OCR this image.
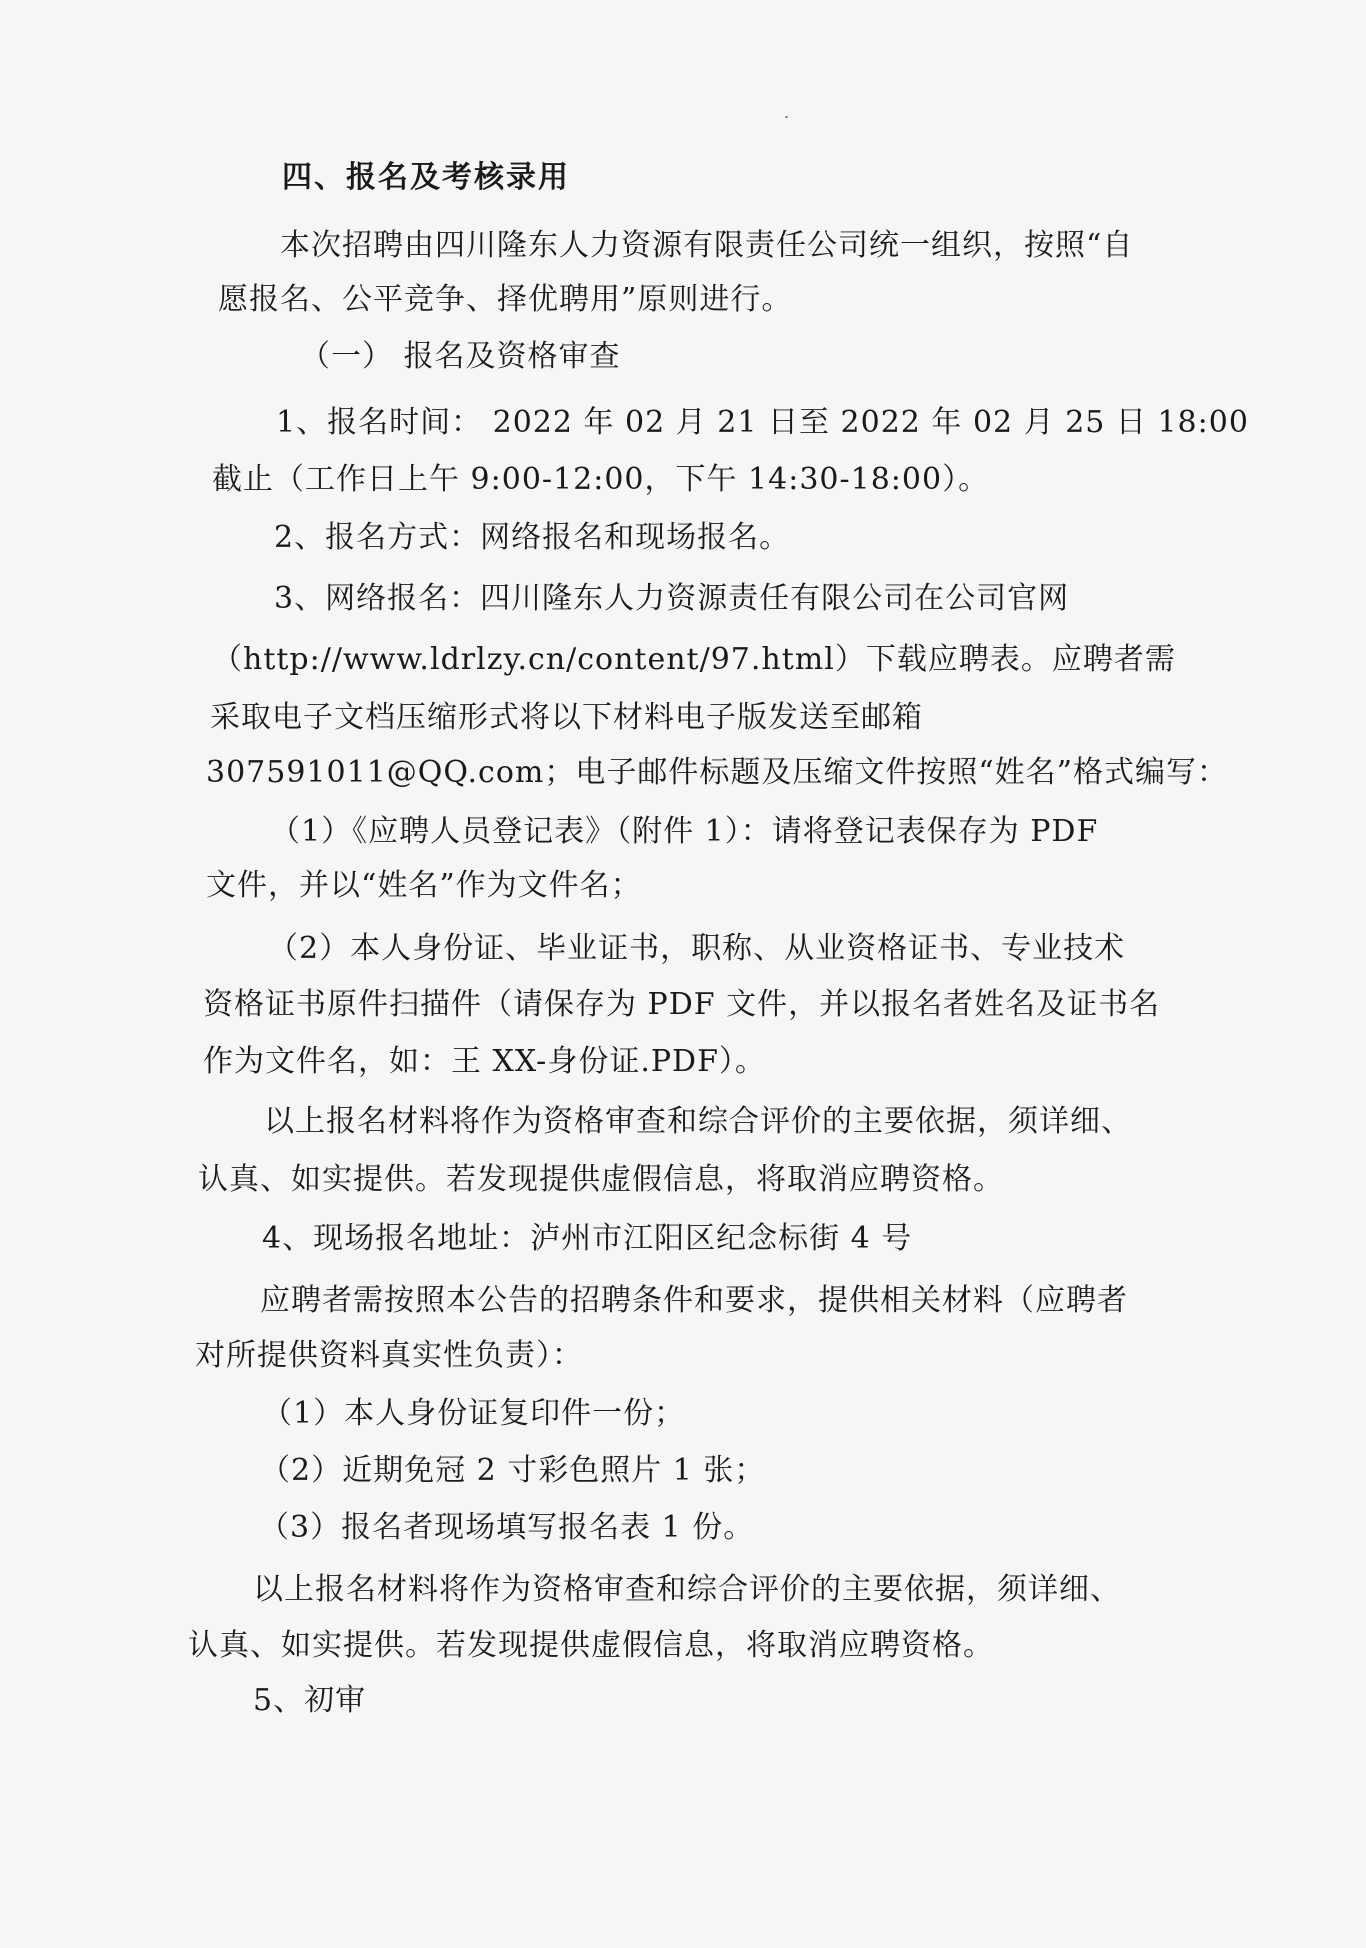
四、报名及考核录用
本次招聘由四川隆东人力资源有限责任公司统一组织，按照“自
愿报名、公平竞争、择优聘用”原则进行。
（一） 报名及资格审查
1、报名时间： 2022 年 02 月 21 日至 2022 年 02 月 25 日 18:00
截止（工作日上午 9:00-12:00，下午 14:30-18:00）。
2、报名方式：网络报名和现场报名。
3、网络报名：四川隆东人力资源责任有限公司在公司官网
（http://www.ldrlzy.cn/content/97.html）下载应聘表。应聘者需
采取电子文档压缩形式将以下材料电子版发送至邮箱
307591011@QQ.com；电子邮件标题及压缩文件按照“姓名”格式编写：
（1）《应聘人员登记表》（附件 1）：请将登记表保存为 PDF
文件，并以“姓名”作为文件名；
（2）本人身份证、毕业证书，职称、从业资格证书、专业技术
资格证书原件扫描件（请保存为 PDF 文件，并以报名者姓名及证书名
作为文件名，如：王 XX-身份证.PDF）。
以上报名材料将作为资格审查和综合评价的主要依据，须详细、
认真、如实提供。若发现提供虚假信息，将取消应聘资格。
4、现场报名地址：泸州市江阳区纪念标街 4 号
应聘者需按照本公告的招聘条件和要求，提供相关材料（应聘者
对所提供资料真实性负责）：
（1）本人身份证复印件一份；
（2）近期免冠 2 寸彩色照片 1 张；
（3）报名者现场填写报名表 1 份。
以上报名材料将作为资格审查和综合评价的主要依据，须详细、
认真、如实提供。若发现提供虚假信息，将取消应聘资格。
5、初审
